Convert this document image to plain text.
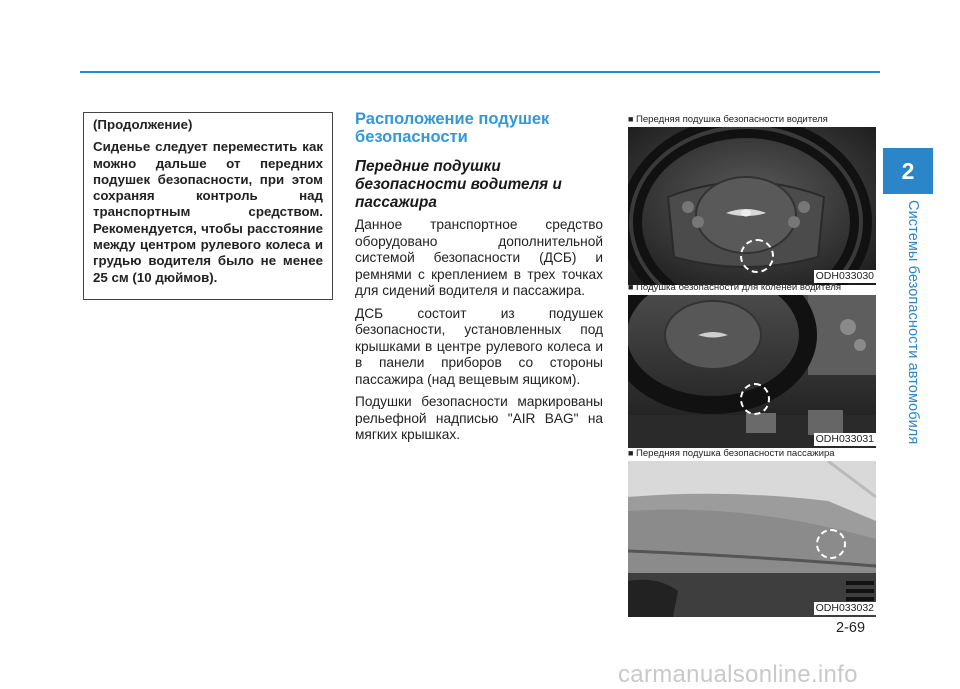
2
Системы безопасности автомобиля

(Продолжение)

Сиденье следует переместить как можно дальше от передних подушек безопасности, при этом сохраняя контроль над транспортным средством. Рекомендуется, чтобы расстояние между центром рулевого колеса и грудью водителя было не менее 25 см (10 дюймов).

Расположение подушек безопасности
Передние подушки безопасности водителя и пассажира

Данное транспортное средство оборудовано дополнительной системой безопасности (ДСБ) и ремнями с креплением в трех точках для сидений водителя и пассажира.

ДСБ состоит из подушек безопасности, установленных под крышками в центре рулевого колеса и в панели приборов со стороны пассажира (над вещевым ящиком).

Подушки безопасности маркированы рельефной надписью "AIR BAG" на мягких крышках.

■ Передняя подушка безопасности водителя
ODH033030
■ Подушка безопасности для коленей водителя
ODH033031
■ Передняя подушка безопасности пассажира
ODH033032
2-69
carmanualsonline.info
